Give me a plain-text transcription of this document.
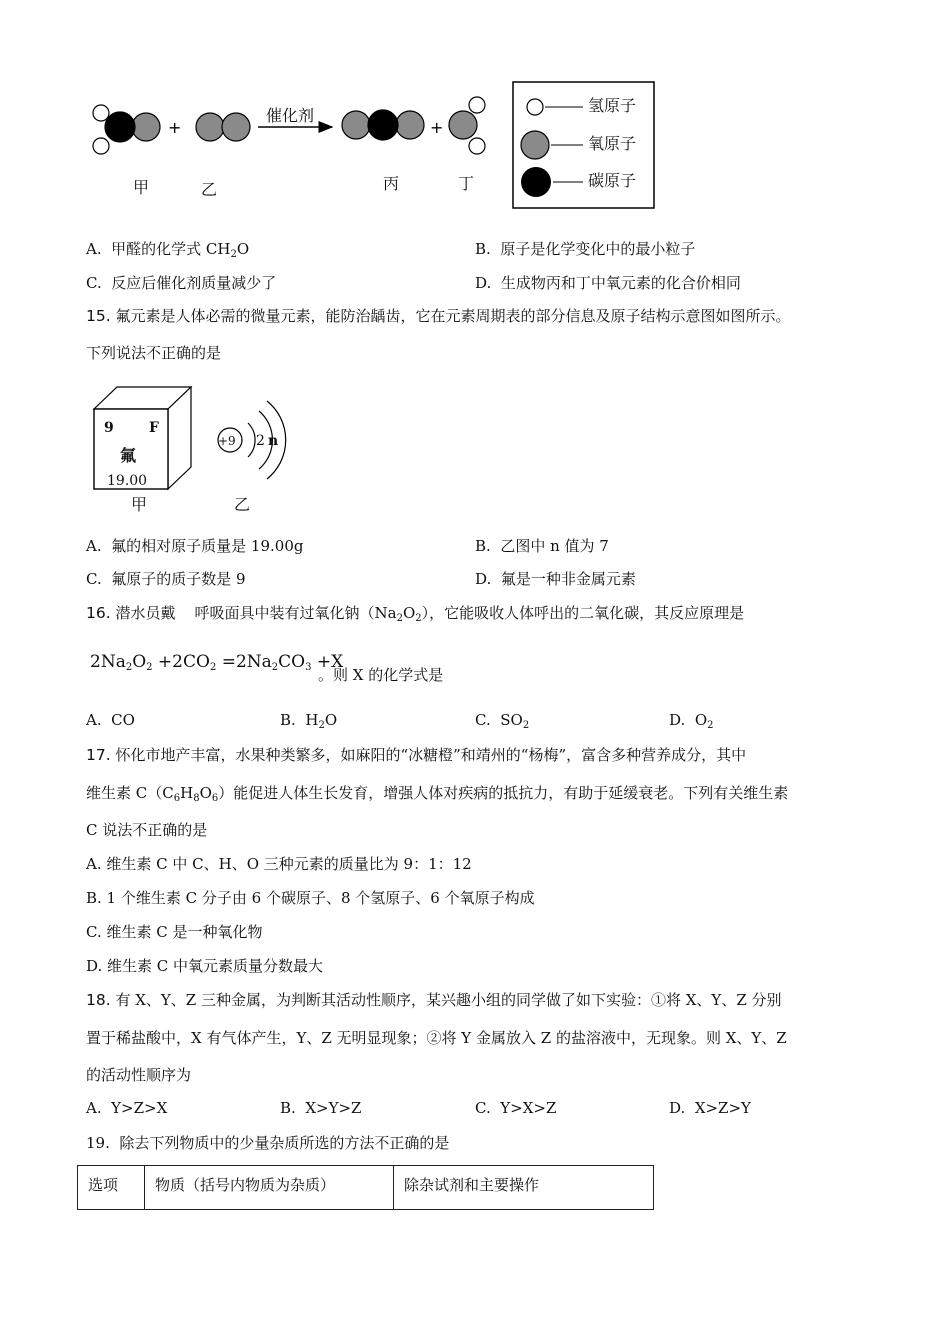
+	+
催化剂
氢原子
氧原子
碳原子
甲	乙	丙	丁
A. 甲醛的化学式 $CH_2O$	B. 原子是化学变化中的最小粒子
C. 反应后催化剂质量减少了	D. 生成物丙和丁中氧元素的化合价相同
15. 氟元素是人体必需的微量元素，能防治龋齿，它在元素周期表的部分信息及原子结构示意图如图所示。
下列说法不正确的是
9	F
氟
19.00
甲
+9 2 n
乙
A. 氟的相对原子质量是 19.00g	B. 乙图中 n 值为 7
C. 氟原子的质子数是 9	D. 氟是一种非金属元素
16. 潜水员戴 呼吸面具中装有过氧化钠$(Na_2O_2)$，它能吸收人体呼出的二氧化碳，其反应原理是
$2Na_2O_2 +2CO_2 =2Na_2CO_3 +X$
。则 X 的化学式是
A. CO	B. $H_2O$	C. $SO_2$	D. $O_2$
17. 怀化市地产丰富，水果种类繁多，如麻阳的“冰糖橙”和靖州的“杨梅”，富含多种营养成分，其中
维生素 $C(C_6H_8O_6)$能促进人体生长发育，增强人体对疾病的抵抗力，有助于延缓衰老。下列有关维生素
C 说法不正确的是
A. 维生素 C 中 C、H、O 三种元素的质量比为 9：1：12
B. 1 个维生素 C 分子由 6 个碳原子、8 个氢原子、6 个氧原子构成
C. 维生素 C 是一种氧化物
D. 维生素 C 中氧元素质量分数最大
18. 有 X、Y、Z 三种金属，为判断其活动性顺序，某兴趣小组的同学做了如下实验：①将 X、Y、Z 分别
置于稀盐酸中，X 有气体产生，Y、Z 无明显现象；②将 Y 金属放入 Z 的盐溶液中，无现象。则 X、Y、Z
的活动性顺序为
A. Y>Z>X	B. X>Y>Z	C. Y>X>Z	D. X>Z>Y
19. 除去下列物质中的少量杂质所选的方法不正确的是
选项	物质（括号内物质为杂质）	除杂试剂和主要操作
